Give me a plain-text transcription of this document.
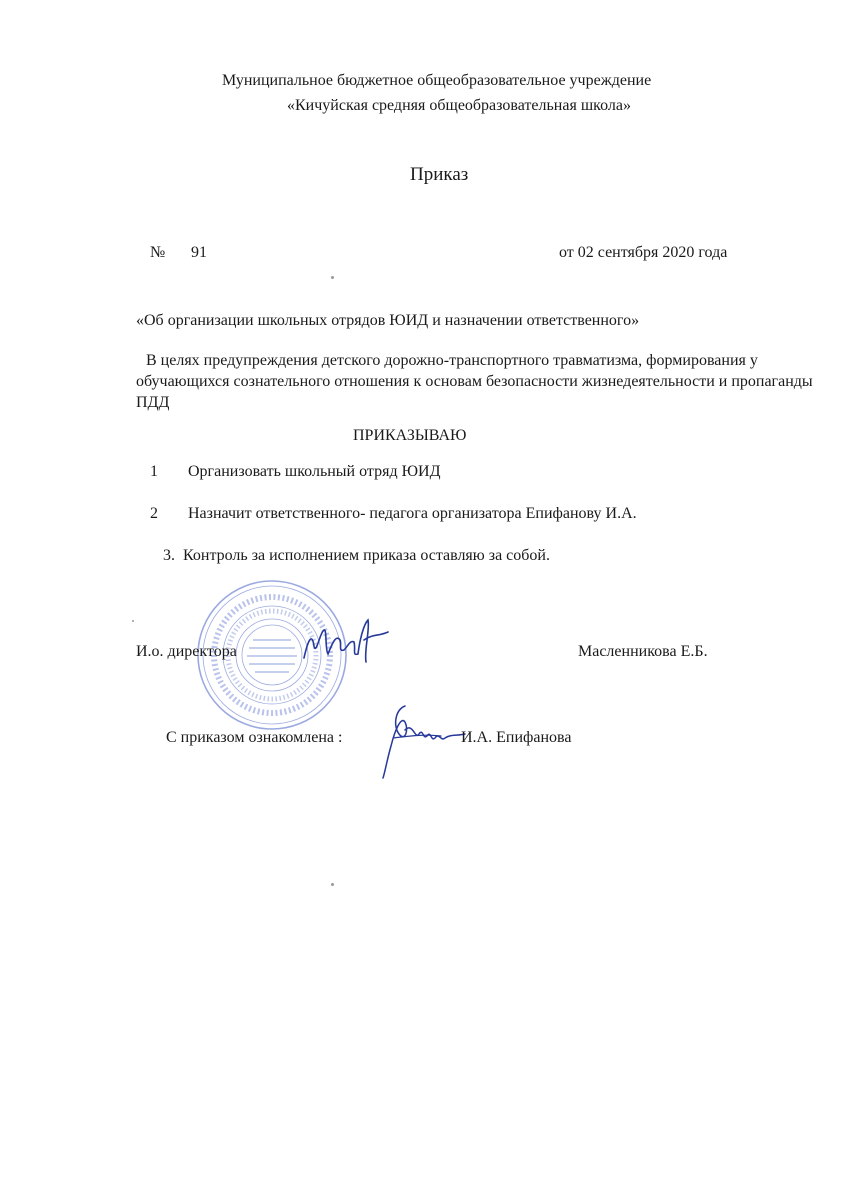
Муниципальное бюджетное общеобразовательное учреждение
«Кичуйская средняя общеобразовательная школа»
Приказ
№ 91	от 02 сентября 2020 года
«Об организации школьных отрядов ЮИД и назначении ответственного»
В целях предупреждения детского дорожно-транспортного травматизма, формирования у обучающихся сознательного отношения к основам безопасности жизнедеятельности и пропаганды ПДД
ПРИКАЗЫВАЮ
1 Организовать школьный отряд ЮИД
2 Назначит ответственного- педагога организатора Епифанову И.А.
3. Контроль за исполнением приказа оставляю за собой.
И.о. директора	Масленникова Е.Б.
С приказом ознакомлена :	И.А. Епифанова
